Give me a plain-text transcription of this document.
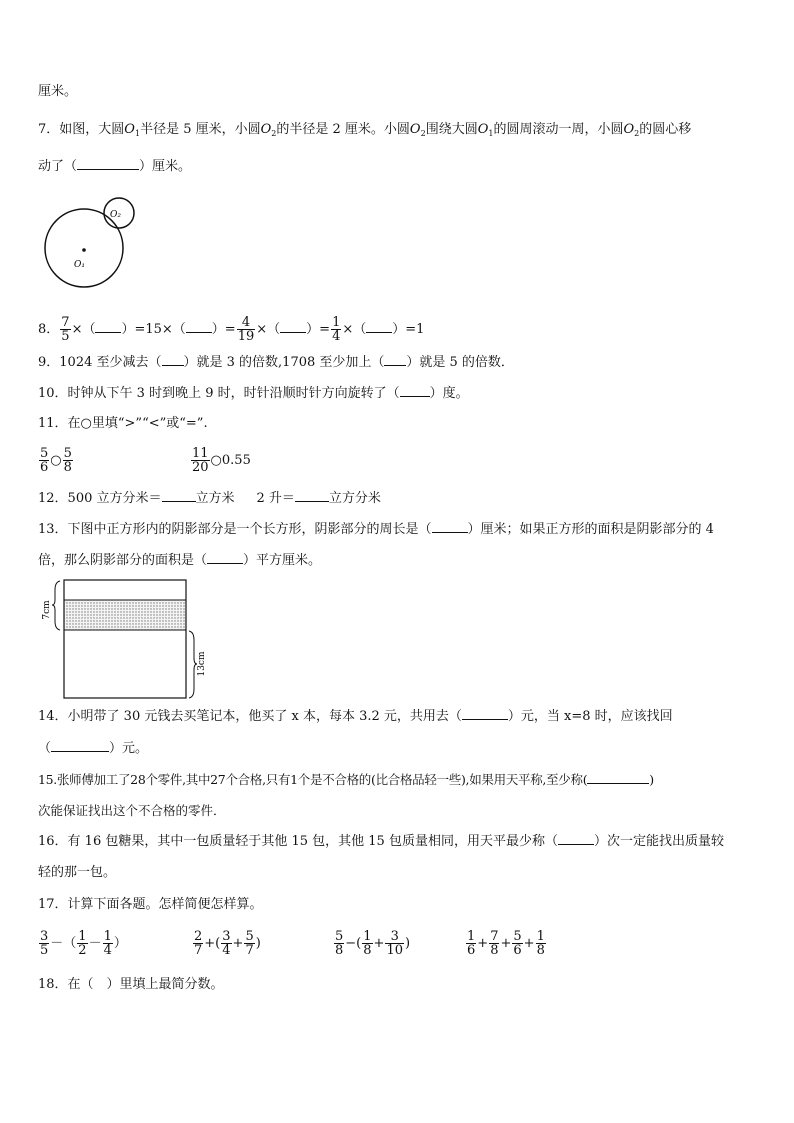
厘米。
7．如图，大圆$O_1$半径是 5 厘米，小圆$O_2$的半径是 2 厘米。小圆$O_2$围绕大圆$O_1$的圆周滚动一周，小圆$O_2$的圆心移
动了（	）厘米。
O₁
O₂
8． $\frac{7}{5}$ ×（ ）=15×（ ）= $\frac{4}{19}$ ×（ ）= $\frac{1}{4}$ ×（ ）=1
9．1024 至少减去（ ）就是 3 的倍数,1708 至少加上（ ）就是 5 的倍数．
10．时钟从下午 3 时到晚上 9 时，时针沿顺时针方向旋转了（ ）度。
11．在○里填“>”“<”或“=”.
$\frac{5}{6}$ ○ $\frac{5}{8}$	$\frac{11}{20}$ ○0.55
12．500 立方分米＝	立方米 2 升＝	立方分米
13．下图中正方形内的阴影部分是一个长方形，阴影部分的周长是（	）厘米；如果正方形的面积是阴影部分的 4
倍，那么阴影部分的面积是（	）平方厘米。
7cm
13cm
14．小明带了 30 元钱去买笔记本，他买了 x 本，每本 3.2 元，共用去（	）元，当 x=8 时，应该找回
（	）元。
15.张师傅加工了28个零件,其中27个合格,只有1个是不合格的(比合格品轻一些),如果用天平称,至少称(	)
次能保证找出这个不合格的零件．
16．有 16 包糖果，其中一包质量轻于其他 15 包，其他 15 包质量相同，用天平最少称（	）次一定能找出质量较
轻的那一包。
17．计算下面各题。怎样简便怎样算。
$\frac{3}{5}$ －（ $\frac{1}{2} - \frac{1}{4}$ ）	$\frac{2}{7}$ +( $\frac{3}{4} + \frac{5}{7}$ )	$\frac{5}{8}$ −( $\frac{1}{8} + \frac{3}{10}$ )	$\frac{1}{6} + \frac{7}{8} + \frac{5}{6} + \frac{1}{8}$
18．在（　）里填上最简分数。
